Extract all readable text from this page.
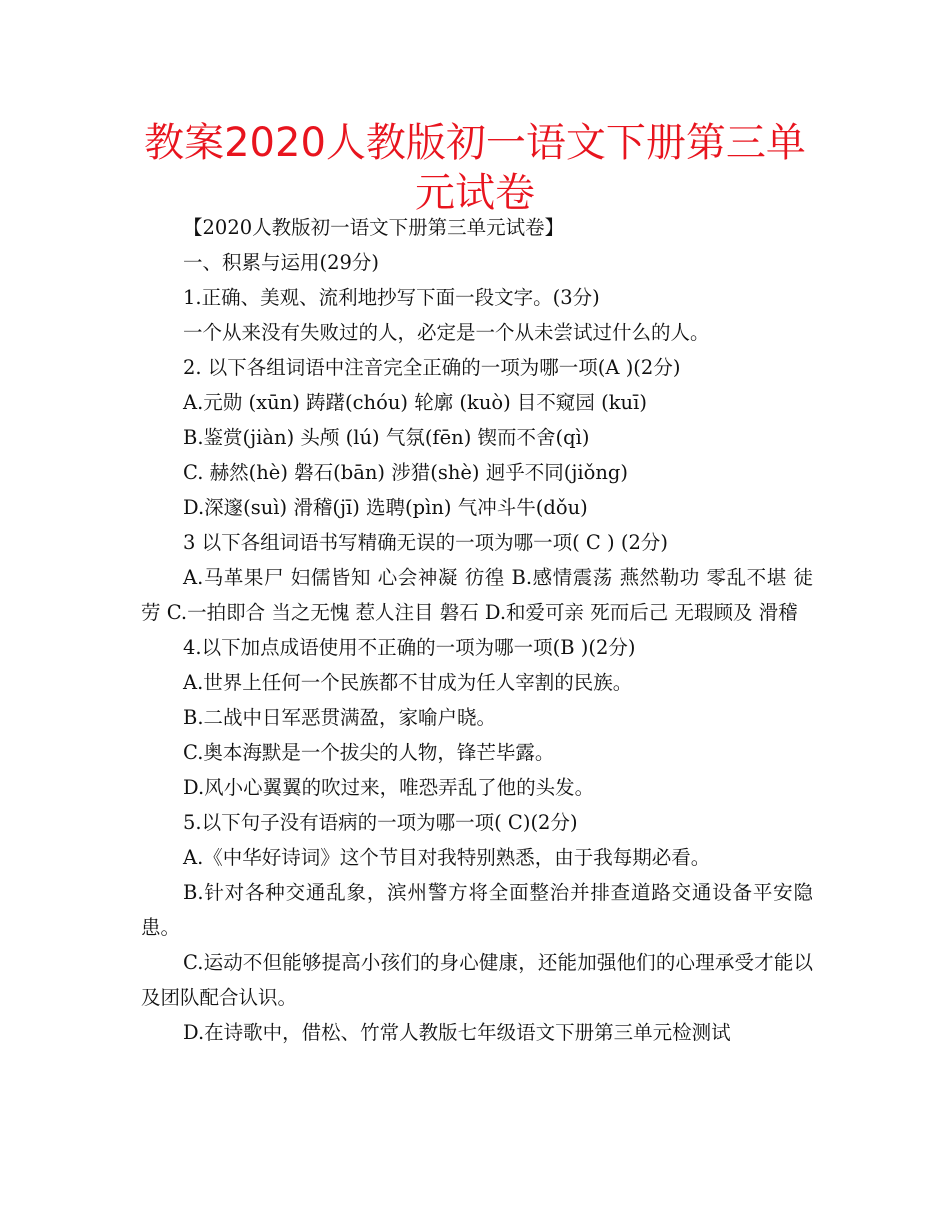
教案2020人教版初一语文下册第三单元试卷

【2020人教版初一语文下册第三单元试卷】

一、积累与运用(29分)

1.正确、美观、流利地抄写下面一段文字。(3分)

一个从来没有失败过的人，必定是一个从未尝试过什么的人。

2. 以下各组词语中注音完全正确的一项为哪一项(A )(2分)

A.元勋 (xūn) 踌躇(chóu) 轮廓 (kuò) 目不窥园 (kuī)

B.鉴赏(jiàn) 头颅 (lú) 气氛(fēn) 锲而不舍(qì)

C. 赫然(hè) 磐石(bān) 涉猎(shè) 迥乎不同(jiǒng)

D.深邃(suì) 滑稽(jī) 选聘(pìn) 气冲斗牛(dǒu)

3 以下各组词语书写精确无误的一项为哪一项( C ) (2分)

A.马革果尸 妇儒皆知 心会神凝 彷徨 B.感情震荡 燕然勒功 零乱不堪 徒劳 C.一拍即合 当之无愧 惹人注目 磐石 D.和爱可亲 死而后己 无瑕顾及 滑稽

4.以下加点成语使用不正确的一项为哪一项(B )(2分)

A.世界上任何一个民族都不甘成为任人宰割的民族。

B.二战中日军恶贯满盈，家喻户晓。

C.奥本海默是一个拔尖的人物，锋芒毕露。

D.风小心翼翼的吹过来，唯恐弄乱了他的头发。

5.以下句子没有语病的一项为哪一项( C)(2分)

A.《中华好诗词》这个节目对我特别熟悉，由于我每期必看。

B.针对各种交通乱象，滨州警方将全面整治并排查道路交通设备平安隐患。

C.运动不但能够提高小孩们的身心健康，还能加强他们的心理承受才能以及团队配合认识。

D.在诗歌中，借松、竹常人教版七年级语文下册第三单元检测试
